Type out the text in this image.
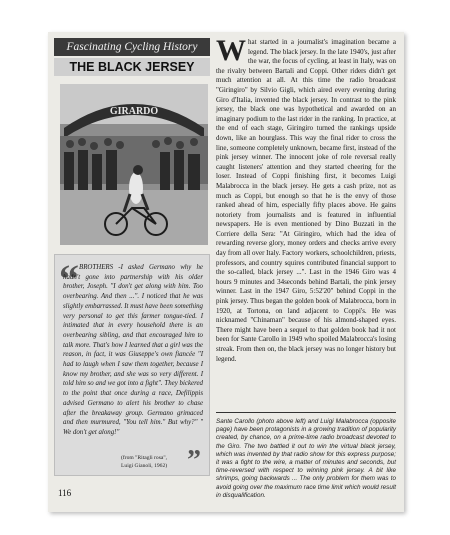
Fascinating Cycling History
THE BLACK JERSEY
GIRARDO
“ BROTHERS -I asked Germano why he hadn't gone into partnership with his older brother, Joseph. "I don't get along with him. Too overbearing. And then ...". I noticed that he was slightly embarrassed. It must have been something very personal to get this farmer tongue-tied. I intimated that in every household there is an overbearing sibling, and that encouraged him to talk more. That's how I learned that a girl was the reason, in fact, it was Giuseppe's own fiancée "I had to laugh when I saw them together, because I know my brother, and she was so very different. I told him so and we got into a fight". They bickered to the point that once during a race, Defilippis advised Germano to alert his brother to chase after the breakaway group. Germano grimaced and then murmured, "You tell him." But why?" " We don't get along!"

”
(from "Ritagli rosa",
Luigi Gianoli, 1962)
116

What started in a journalist's imagination became a legend. The black jersey. In the late 1940's, just after the war, the focus of cycling, at least in Italy, was on the rivalry between Bartali and Coppi. Other riders didn't get much attention at all. At this time the radio broadcast "Giringiro" by Silvio Gigli, which aired every evening during Giro d'Italia, invented the black jersey. In contrast to the pink jersey, the black one was hypothetical and awarded on an imaginary podium to the last rider in the ranking. In practice, at the end of each stage, Giringiro turned the rankings upside down, like an hourglass. This way the final rider to cross the line, someone completely unknown, became first, instead of the pink jersey winner. The innocent joke of role reversal really caught listeners' attention and they started cheering for the loser. Instead of Coppi finishing first, it becomes Luigi Malabrocca in the black jersey. He gets a cash prize, not as much as Coppi, but enough so that he is the envy of those ranked ahead of him, especially fifty places above. He gains notoriety from journalists and is featured in influential newspapers. He is even mentioned by Dino Buzzati in the Corriere della Sera: "At Giringiro, which had the idea of rewarding reverse glory, money orders and checks arrive every day from all over Italy. Factory workers, schoolchildren, priests, professors, and country squires contributed financial support to the so-called, black jersey ...". Last in the 1946 Giro was 4 hours 9 minutes and 34seconds behind Bartali, the pink jersey winner. Last in the 1947 Giro, 5:52'20" behind Coppi in the pink jersey. Thus began the golden book of Malabrocca, born in 1920, at Tortona, on land adjacent to Coppi's. He was nicknamed "Chinaman" because of his almond-shaped eyes. There might have been a sequel to that golden book had it not been for Sante Carollo in 1949 who spoiled Malabrocca's losing streak. From then on, the black jersey was no longer history but legend.

Sante Carollo (photo above left) and Luigi Malabrocca (opposite page) have been protagonists in a growing tradition of popularity created, by chance, on a prime-time radio broadcast devoted to the Giro. The two battled it out to win the virtual black jersey, which was invented by that radio show for this express purpose; it was a fight to the wire, a matter of minutes and seconds, but time-reversed with respect to winning pink jersey. A bit like shrimps, going backwards ... The only problem for them was to avoid going over the maximum race time limit which would result in disqualification.
